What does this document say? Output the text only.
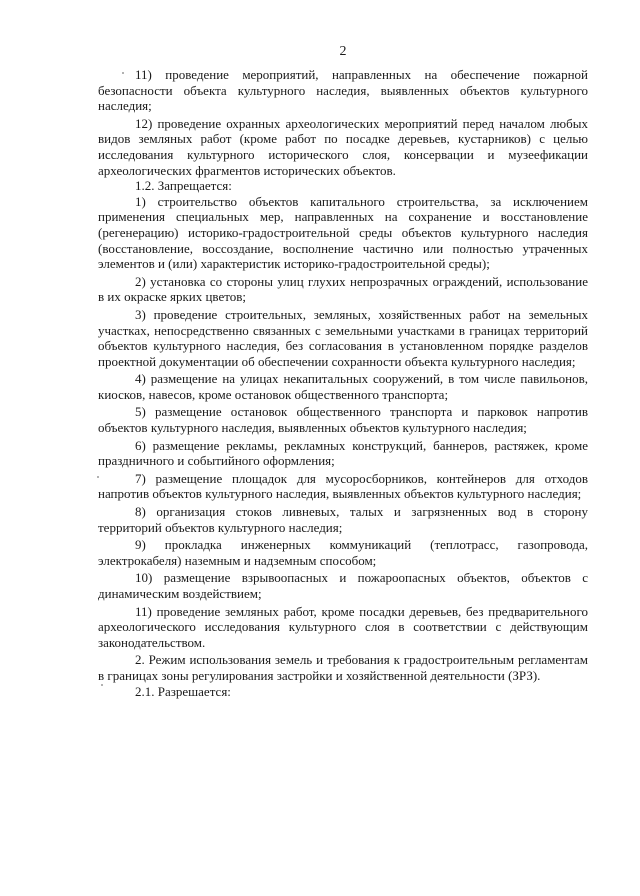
2

11) проведение мероприятий, направленных на обеспечение пожарной безопасности объекта культурного наследия, выявленных объектов культурного наследия;

12) проведение охранных археологических мероприятий перед началом любых видов земляных работ (кроме работ по посадке деревьев, кустарников) с целью исследования культурного исторического слоя, консервации и музеефикации археологических фрагментов исторических объектов.

1.2. Запрещается:

1) строительство объектов капитального строительства, за исключением применения специальных мер, направленных на сохранение и восстановление (регенерацию) историко-градостроительной среды объектов культурного наследия (восстановление, воссоздание, восполнение частично или полностью утраченных элементов и (или) характеристик историко-градостроительной среды);

2) установка со стороны улиц глухих непрозрачных ограждений, использование в их окраске ярких цветов;

3) проведение строительных, земляных, хозяйственных работ на земельных участках, непосредственно связанных с земельными участками в границах территорий объектов культурного наследия, без согласования в установленном порядке разделов проектной документации об обеспечении сохранности объекта культурного наследия;

4) размещение на улицах некапитальных сооружений, в том числе павильонов, киосков, навесов, кроме остановок общественного транспорта;

5) размещение остановок общественного транспорта и парковок напротив объектов культурного наследия, выявленных объектов культурного наследия;

6) размещение рекламы, рекламных конструкций, баннеров, растяжек, кроме праздничного и событийного оформления;

7) размещение площадок для мусоросборников, контейнеров для отходов напротив объектов культурного наследия, выявленных объектов культурного наследия;

8) организация стоков ливневых, талых и загрязненных вод в сторону территорий объектов культурного наследия;

9) прокладка инженерных коммуникаций (теплотрасс, газопровода, электрокабеля) наземным и надземным способом;

10) размещение взрывоопасных и пожароопасных объектов, объектов с динамическим воздействием;

11) проведение земляных работ, кроме посадки деревьев, без предварительного археологического исследования культурного слоя в соответствии с действующим законодательством.

2. Режим использования земель и требования к градостроительным регламентам в границах зоны регулирования застройки и хозяйственной деятельности (ЗРЗ).

2.1. Разрешается:
